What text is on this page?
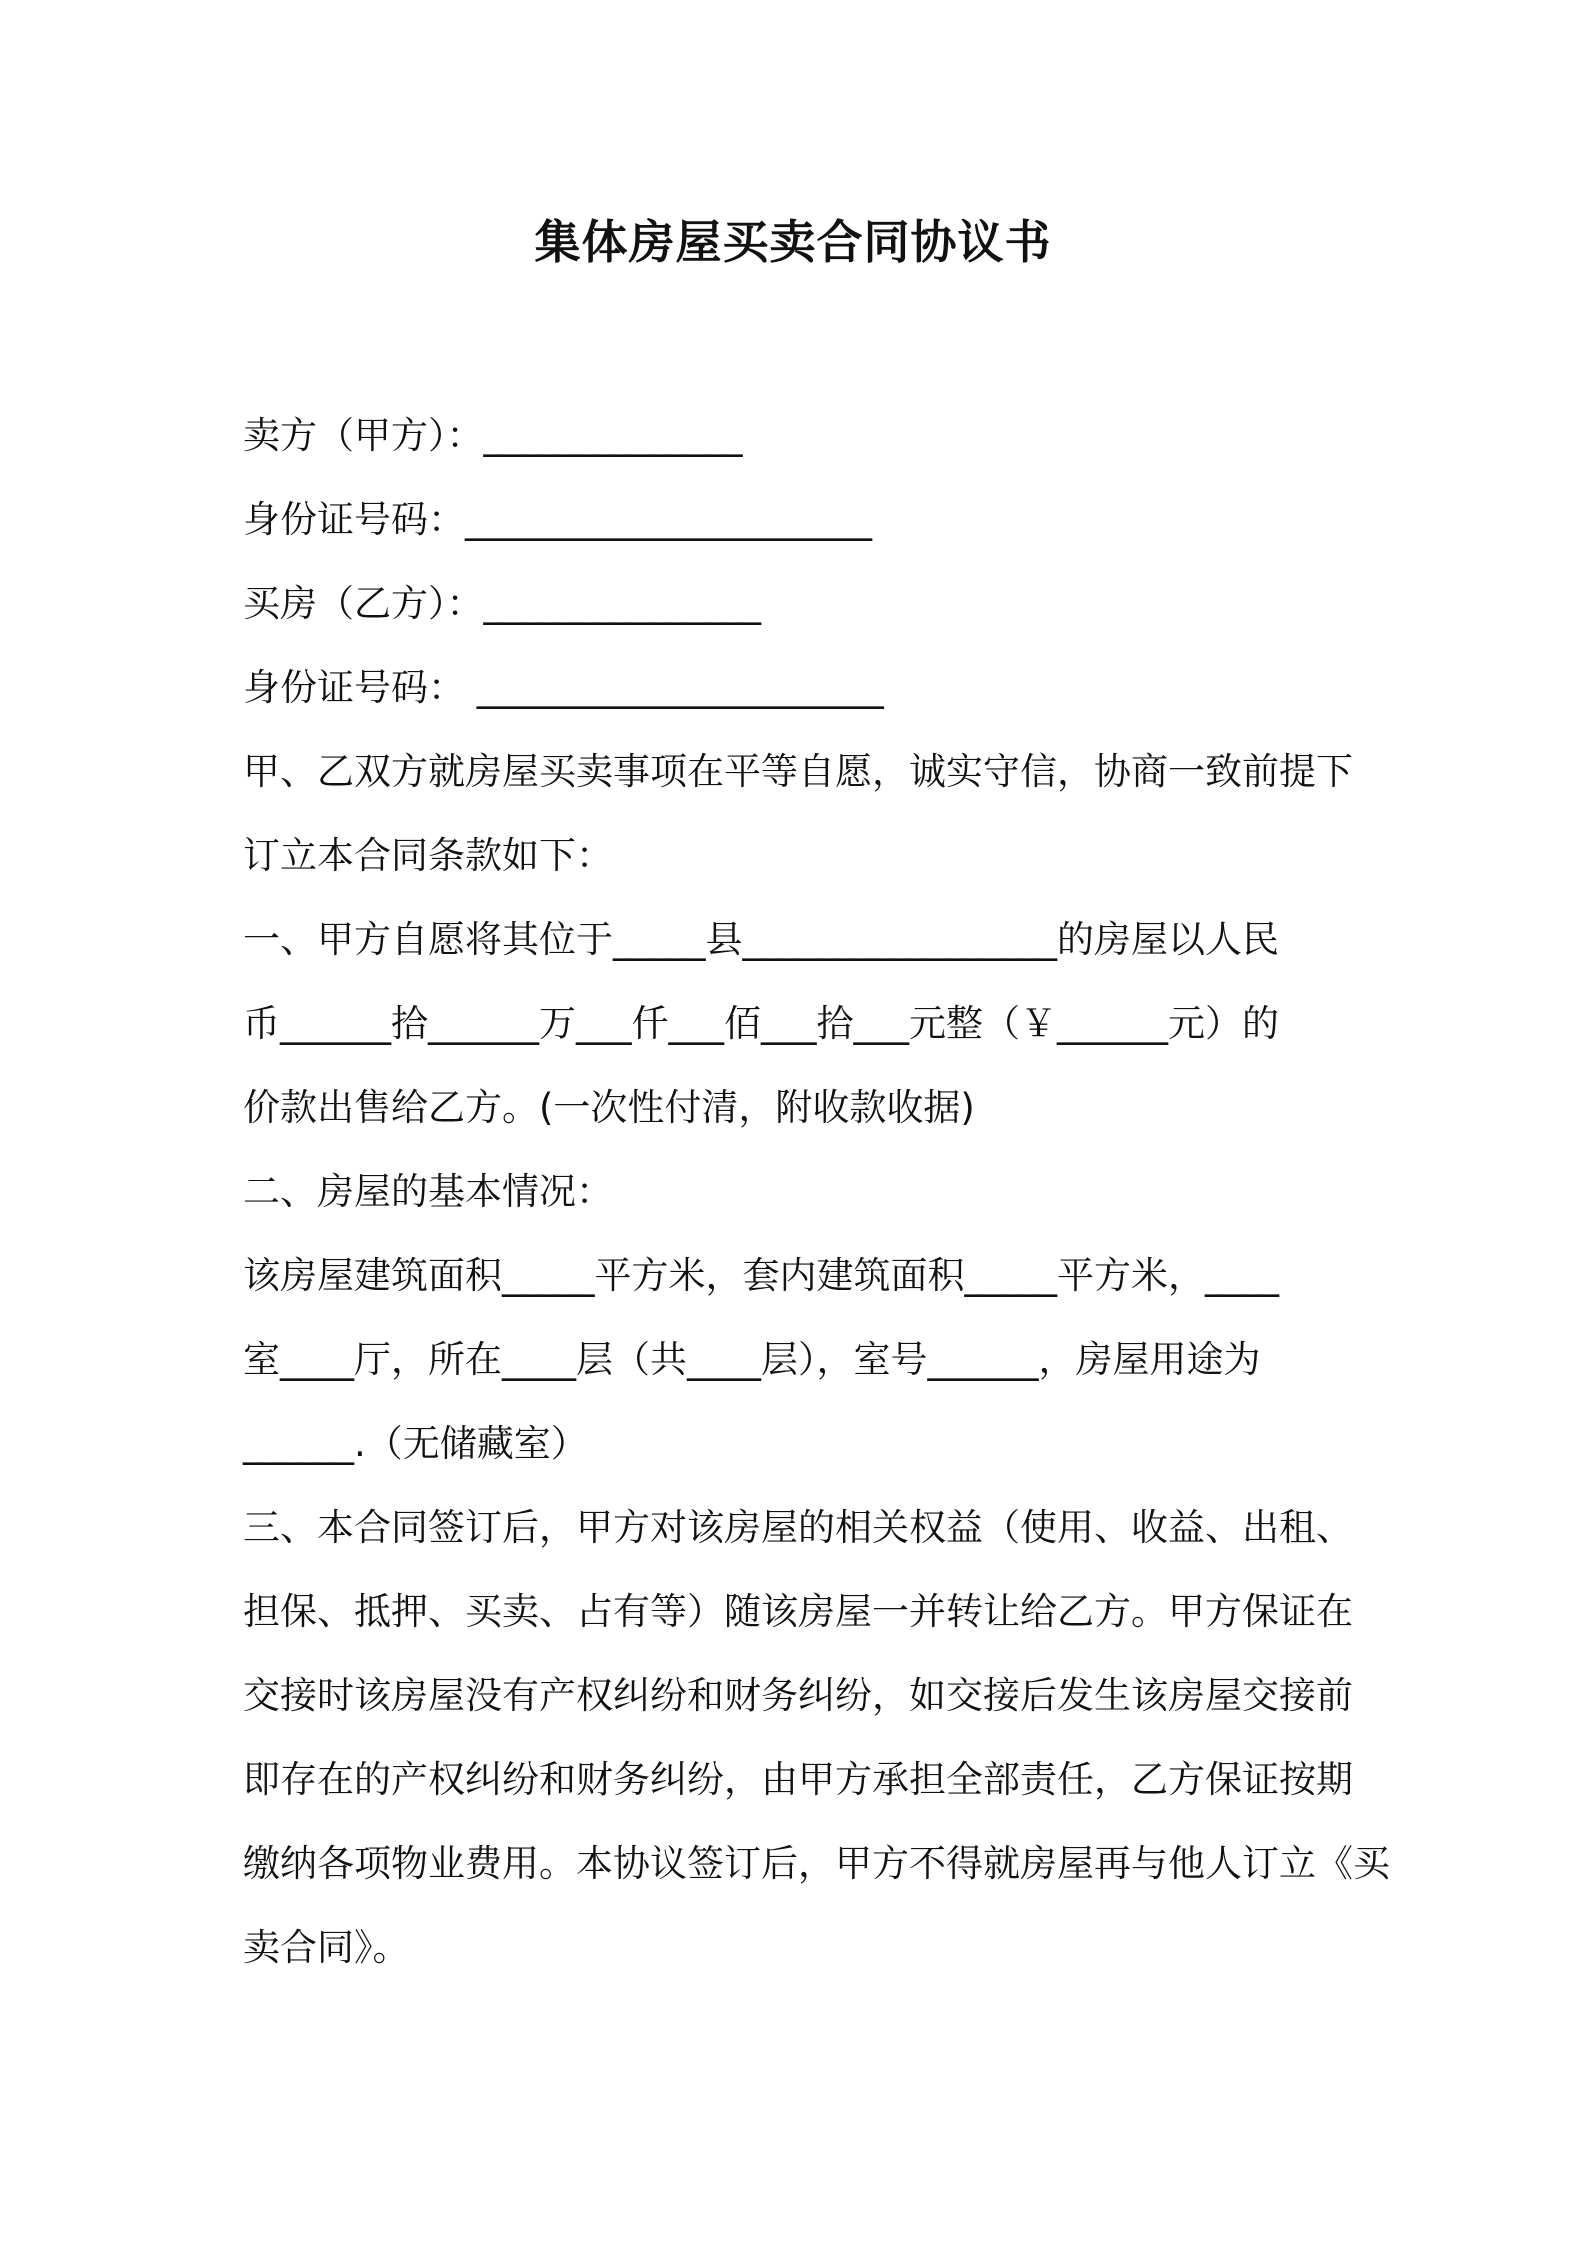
集体房屋买卖合同协议书
卖方（甲方）：______________
身份证号码：______________________
买房（乙方）：_______________
身份证号码： ______________________
甲、乙双方就房屋买卖事项在平等自愿，诚实守信，协商一致前提下
订立本合同条款如下：
一、甲方自愿将其位于_____县_________________的房屋以人民
币______拾______万___仟___佰___拾___元整（￥______元）的
价款出售给乙方。(一次性付清，附收款收据)
二、房屋的基本情况：
该房屋建筑面积_____平方米，套内建筑面积_____平方米，____
室____厅，所在____层（共____层），室号______，房屋用途为
______.（无储藏室）
三、本合同签订后，甲方对该房屋的相关权益（使用、收益、出租、
担保、抵押、买卖、占有等）随该房屋一并转让给乙方。甲方保证在
交接时该房屋没有产权纠纷和财务纠纷，如交接后发生该房屋交接前
即存在的产权纠纷和财务纠纷，由甲方承担全部责任，乙方保证按期
缴纳各项物业费用。本协议签订后，甲方不得就房屋再与他人订立《买
卖合同》。
